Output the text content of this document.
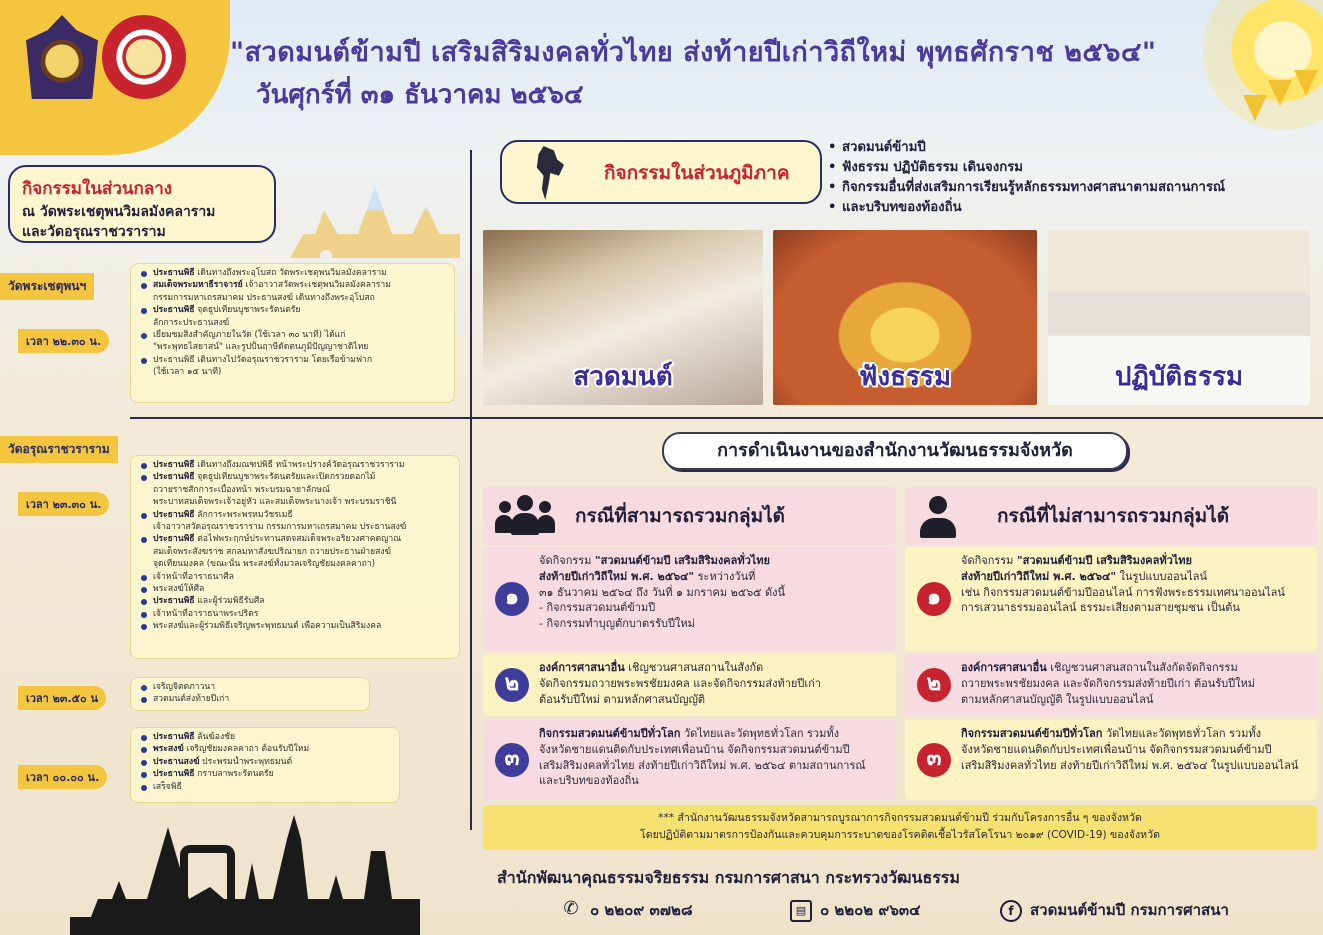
"สวดมนต์ข้ามปี เสริมสิริมงคลทั่วไทย ส่งท้ายปีเก่าวิถีใหม่ พุทธศักราช ๒๕๖๔"
วันศุกร์ที่ ๓๑ ธันวาคม ๒๕๖๔
กิจกรรมในส่วนกลาง
ณ วัดพระเชตุพนวิมลมังคลาราม
และวัดอรุณราชวราราม
วัดพระเชตุพนฯ
เวลา ๒๒.๓๐ น.
ประธานพิธี เดินทางถึงพระอุโบสถ วัดพระเชตุพนวิมลมังคลาราม
สมเด็จพระมหาธีราจารย์ เจ้าอาวาสวัดพระเชตุพนวิมลมังคลาราม
กรรมการมหาเถรสมาคม ประธานสงฆ์ เดินทางถึงพระอุโบสถ
ประธานพิธี จุดธูปเทียนบูชาพระรัตนตรัย
ลักการะประธานสงฆ์
เยี่ยมชมสิ่งสำคัญภายในวัด (ใช้เวลา ๓๐ นาที) ได้แก่
"พระพุทธไสยาสน์" และรูปปั้นฤาษีดัดตนภูมิปัญญาชาติไทย
ประธานพิธี เดินทางไปวัดอรุณราชวราราม โดยเรือข้ามฟาก
(ใช้เวลา ๑๕ นาที)
วัดอรุณราชวราราม
เวลา ๒๓.๓๐ น.
ประธานพิธี เดินทางถึงมณฑปพิธี หน้าพระปรางค์วัดอรุณราชวราราม
ประธานพิธี จุดธูปเทียนบูชาพระรัตนตรัยและเปิดกรวยดอกไม้
ถวายราชสักการะเบื้องหน้า พระบรมฉายาลักษณ์
พระบาทสมเด็จพระเจ้าอยู่หัว และสมเด็จพระนางเจ้า พระบรมราชินี
ประธานพิธี ลักการะพระพรหมวัชรเมธี
เจ้าอาวาสวัดอรุณราชวราราม กรรมการมหาเถรสมาคม ประธานสงฆ์
ประธานพิธี ต่อไฟพระฤกษ์ประทานสดจสมเด็จพระอริยวงศาคตญาณ
สมเด็จพระสังฆราช สกลมหาสังฆปริณายก ถวายประธานฝ่ายสงฆ์
จุดเทียนมงคล (ขณะนั้น พระสงฆ์ทั้งมวลเจริญชัยมงคลคาถา)
เจ้าหน้าที่อาราธนาศีล
พระสงฆ์ให้ศีล
ประธานพิธี และผู้ร่วมพิธีรับศีล
เจ้าหน้าที่อาราธนาพระปริตร
พระสงฆ์และผู้ร่วมพิธีเจริญพระพุทธมนต์ เพื่อความเป็นสิริมงคล
เวลา ๒๓.๕๐ น
เจริญจิตตภาวนา
สวดมนต์ส่งท้ายปีเก่า
เวลา ๐๐.๐๐ น.
ประธานพิธี ลั่นฆ้องชัย
พระสงฆ์ เจริญชัยมงคลคาถา ต้อนรับปีใหม่
ประธานสงฆ์ ประพรมน้ำพระพุทธมนต์
ประธานพิธี กราบลาพระรัตนตรัย
เสร็จพิธี
กิจกรรมในส่วนภูมิภาค
• สวดมนต์ข้ามปี
• ฟังธรรม ปฏิบัติธรรม เดินจงกรม
• กิจกรรมอื่นที่ส่งเสริมการเรียนรู้หลักธรรมทางศาสนาตามสถานการณ์
• และบริบทของท้องถิ่น
สวดมนต์	ฟังธรรม	ปฏิบัติธรรม
การดำเนินงานของสำนักงานวัฒนธรรมจังหวัด
กรณีที่สามารถรวมกลุ่มได้	กรณีที่ไม่สามารถรวมกลุ่มได้
๑
จัดกิจกรรม "สวดมนต์ข้ามปี เสริมสิริมงคลทั่วไทย
ส่งท้ายปีเก่าวิถีใหม่ พ.ศ. ๒๕๖๔" ระหว่างวันที่
๓๑ ธันวาคม ๒๕๖๔ ถึง วันที่ ๑ มกราคม ๒๕๖๕ ดังนี้
- กิจกรรมสวดมนต์ข้ามปี
- กิจกรรมทำบุญตักบาตรรับปีใหม่
๒
องค์การศาสนาอื่น เชิญชวนศาสนสถานในสังกัด
จัดกิจกรรมถวายพระพรชัยมงคล และจัดกิจกรรมส่งท้ายปีเก่า
ต้อนรับปีใหม่ ตามหลักศาสนบัญญัติ
๓
กิจกรรมสวดมนต์ข้ามปีทั่วโลก วัดไทยและวัดพุทธทั่วโลก รวมทั้ง
จังหวัดชายแดนติดกับประเทศเพื่อนบ้าน จัดกิจกรรมสวดมนต์ข้ามปี
เสริมสิริมงคลทั่วไทย ส่งท้ายปีเก่าวิถีใหม่ พ.ศ. ๒๕๖๔ ตามสถานการณ์
และบริบทของท้องถิ่น
๑
จัดกิจกรรม "สวดมนต์ข้ามปี เสริมสิริมงคลทั่วไทย
ส่งท้ายปีเก่าวิถีใหม่ พ.ศ. ๒๕๖๔" ในรูปแบบออนไลน์
เช่น กิจกรรมสวดมนต์ข้ามปีออนไลน์ การฟังพระธรรมเทศนาออนไลน์
การเสวนาธรรมออนไลน์ ธรรมะเสียงตามสายชุมชน เป็นต้น
๒
องค์การศาสนาอื่น เชิญชวนศาสนสถานในสังกัดจัดกิจกรรม
ถวายพระพรชัยมงคล และจัดกิจกรรมส่งท้ายปีเก่า ต้อนรับปีใหม่
ตามหลักศาสนบัญญัติ ในรูปแบบออนไลน์
๓
กิจกรรมสวดมนต์ข้ามปีทั่วโลก วัดไทยและวัดพุทธทั่วโลก รวมทั้ง
จังหวัดชายแดนติดกับประเทศเพื่อนบ้าน จัดกิจกรรมสวดมนต์ข้ามปี
เสริมสิริมงคลทั่วไทย ส่งท้ายปีเก่าวิถีใหม่ พ.ศ. ๒๕๖๔ ในรูปแบบออนไลน์
*** สำนักงานวัฒนธรรมจังหวัดสามารถบูรณาการกิจกรรมสวดมนต์ข้ามปี ร่วมกับโครงการอื่น ๆ ของจังหวัด
โดยปฏิบัติตามมาตรการป้องกันและควบคุมการระบาดของโรคติดเชื้อไวรัสโคโรนา ๒๐๑๙ (COVID-19) ของจังหวัด
สำนักพัฒนาคุณธรรมจริยธรรม กรมการศาสนา กระทรวงวัฒนธรรม
✆ ๐ ๒๒๐๙ ๓๗๒๘	▤ ๐ ๒๒๐๒ ๙๖๓๔	f สวดมนต์ข้ามปี กรมการศาสนา
